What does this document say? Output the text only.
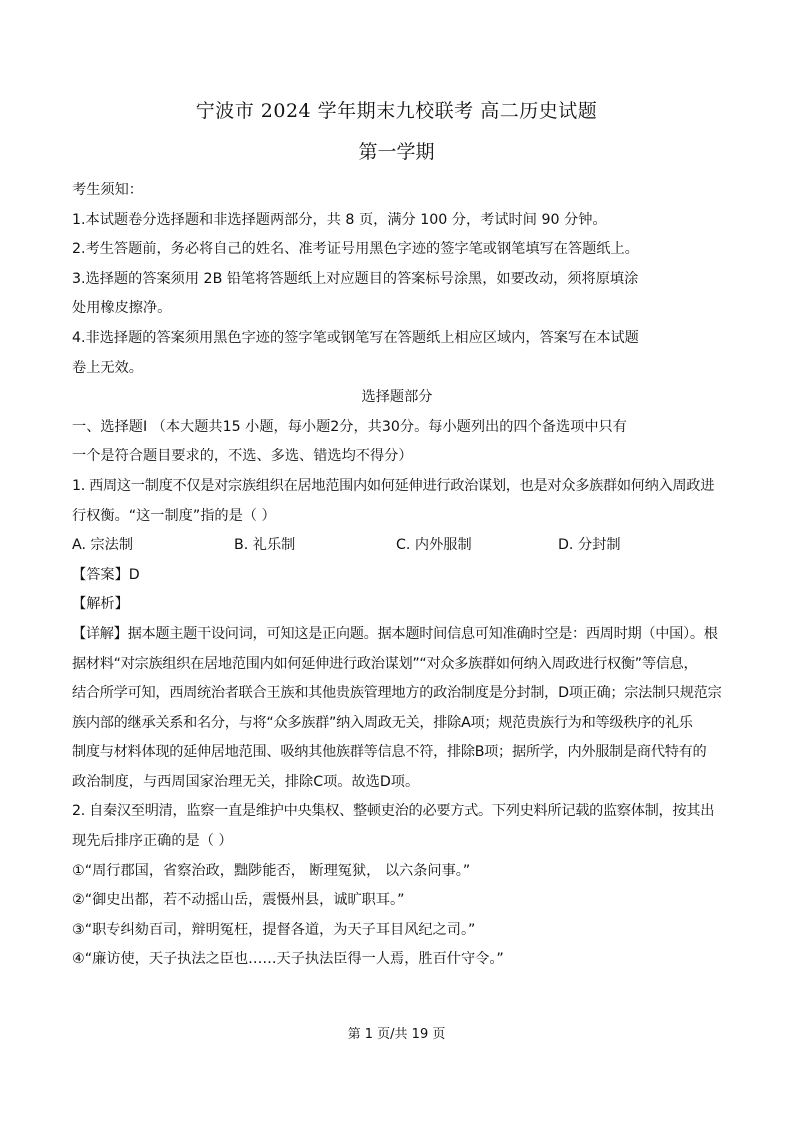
宁波市 2024 学年期末九校联考 高二历史试题
第一学期
考生须知：
1.本试题卷分选择题和非选择题两部分，共 8 页，满分 100 分，考试时间 90 分钟。
2.考生答题前，务必将自己的姓名、准考证号用黑色字迹的签字笔或钢笔填写在答题纸上。
3.选择题的答案须用 2B 铅笔将答题纸上对应题目的答案标号涂黑，如要改动，须将原填涂
处用橡皮擦净。
4.非选择题的答案须用黑色字迹的签字笔或钢笔写在答题纸上相应区域内，答案写在本试题
卷上无效。
选择题部分
一、选择题Ⅰ （本大题共15 小题，每小题2分，共30分。每小题列出的四个备选项中只有
一个是符合题目要求的，不选、多选、错选均不得分）
1. 西周这一制度不仅是对宗族组织在居地范围内如何延伸进行政治谋划，也是对众多族群如何纳入周政进
行权衡。“这一制度”指的是（ ）
A. 宗法制	B. 礼乐制	C. 内外服制	D. 分封制
【答案】D
【解析】
【详解】据本题主题干设问词，可知这是正向题。据本题时间信息可知准确时空是：西周时期（中国）。根
据材料“对宗族组织在居地范围内如何延伸进行政治谋划”“对众多族群如何纳入周政进行权衡”等信息，
结合所学可知，西周统治者联合王族和其他贵族管理地方的政治制度是分封制，D项正确；宗法制只规范宗
族内部的继承关系和名分，与将“众多族群”纳入周政无关，排除A项；规范贵族行为和等级秩序的礼乐
制度与材料体现的延伸居地范围、吸纳其他族群等信息不符，排除B项；据所学，内外服制是商代特有的
政治制度，与西周国家治理无关，排除C项。故选D项。
2. 自秦汉至明清，监察一直是维护中央集权、整顿吏治的必要方式。下列史料所记载的监察体制，按其出
现先后排序正确的是（ ）
①“周行郡国，省察治政，黜陟能否， 断理冤狱， 以六条问事。”
②“御史出都，若不动摇山岳，震慑州县，诚旷职耳。”
③“职专纠劾百司，辩明冤枉，提督各道，为天子耳目风纪之司。”
④“廉访使，天子执法之臣也……天子执法臣得一人焉，胜百什守令。”
第 1 页/共 19 页
